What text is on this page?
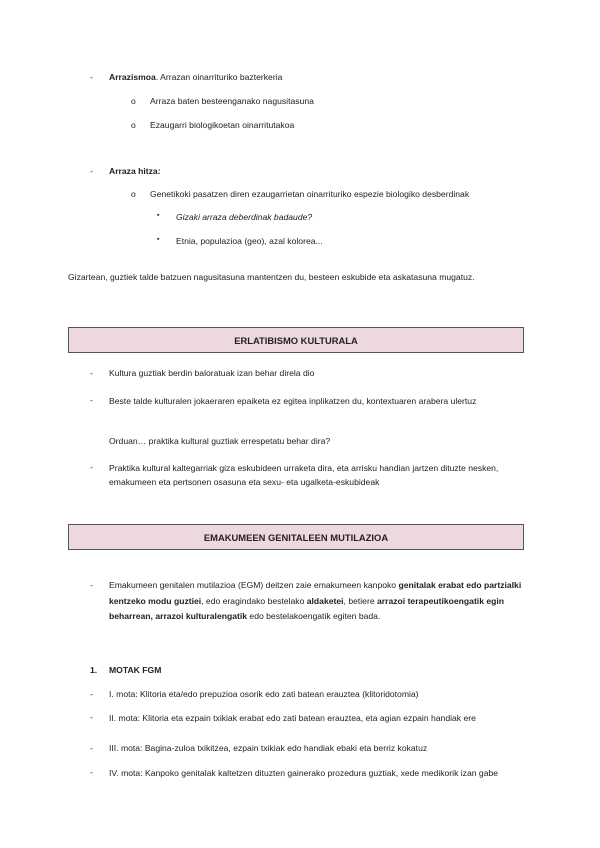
-	Arrazismoa. Arrazan oinarrituriko bazterkeria
o Arraza baten besteenganako nagusitasuna
o Ezaugarri biologikoetan oinarritutakoa
-	Arraza hitza:
o Genetikoki pasatzen diren ezaugarrietan oinarrituriko espezie biologiko desberdinak
▪ Gizaki arraza deberdinak badaude?
▪ Etnia, populazioa (geo), azal kolorea...
Gizartean, guztiek talde batzuen nagusitasuna mantentzen du, besteen eskubide eta askatasuna mugatuz.
ERLATIBISMO KULTURALA
-	Kultura guztiak berdin baloratuak izan behar direla dio
-	Beste talde kulturalen jokaeraren epaiketa ez egitea inplikatzen du, kontextuaren arabera ulertuz
Orduan… praktika kultural guztiak errespetatu behar dira?
-	Praktika kultural kaltegarriak giza eskubideen urraketa dira, eta arrisku handian jartzen dituzte nesken, emakumeen eta pertsonen osasuna eta sexu- eta ugalketa-eskubideak
EMAKUMEEN GENITALEEN MUTILAZIOA
-	Emakumeen genitalen mutilazioa (EGM) deitzen zaie emakumeen kanpoko genitalak erabat edo partzialki kentzeko modu guztiei, edo eragindako bestelako aldaketei, betiere arrazoi terapeutikoengatik egin beharrean, arrazoi kulturalengatik edo bestelakoengatik egiten bada.
1. MOTAK FGM
-	I. mota: Klitoria eta/edo prepuzioa osorik edo zati batean erauztea (klitoridotomia)
-	II. mota: Klitoria eta ezpain txikiak erabat edo zati batean erauztea, eta agian ezpain handiak ere
-	III. mota: Bagina-zuloa txikitzea, ezpain txikiak edo handiak ebaki eta berriz kokatuz
-	IV. mota: Kanpoko genitalak kaltetzen dituzten gainerako prozedura guztiak, xede medikorik izan gabe
